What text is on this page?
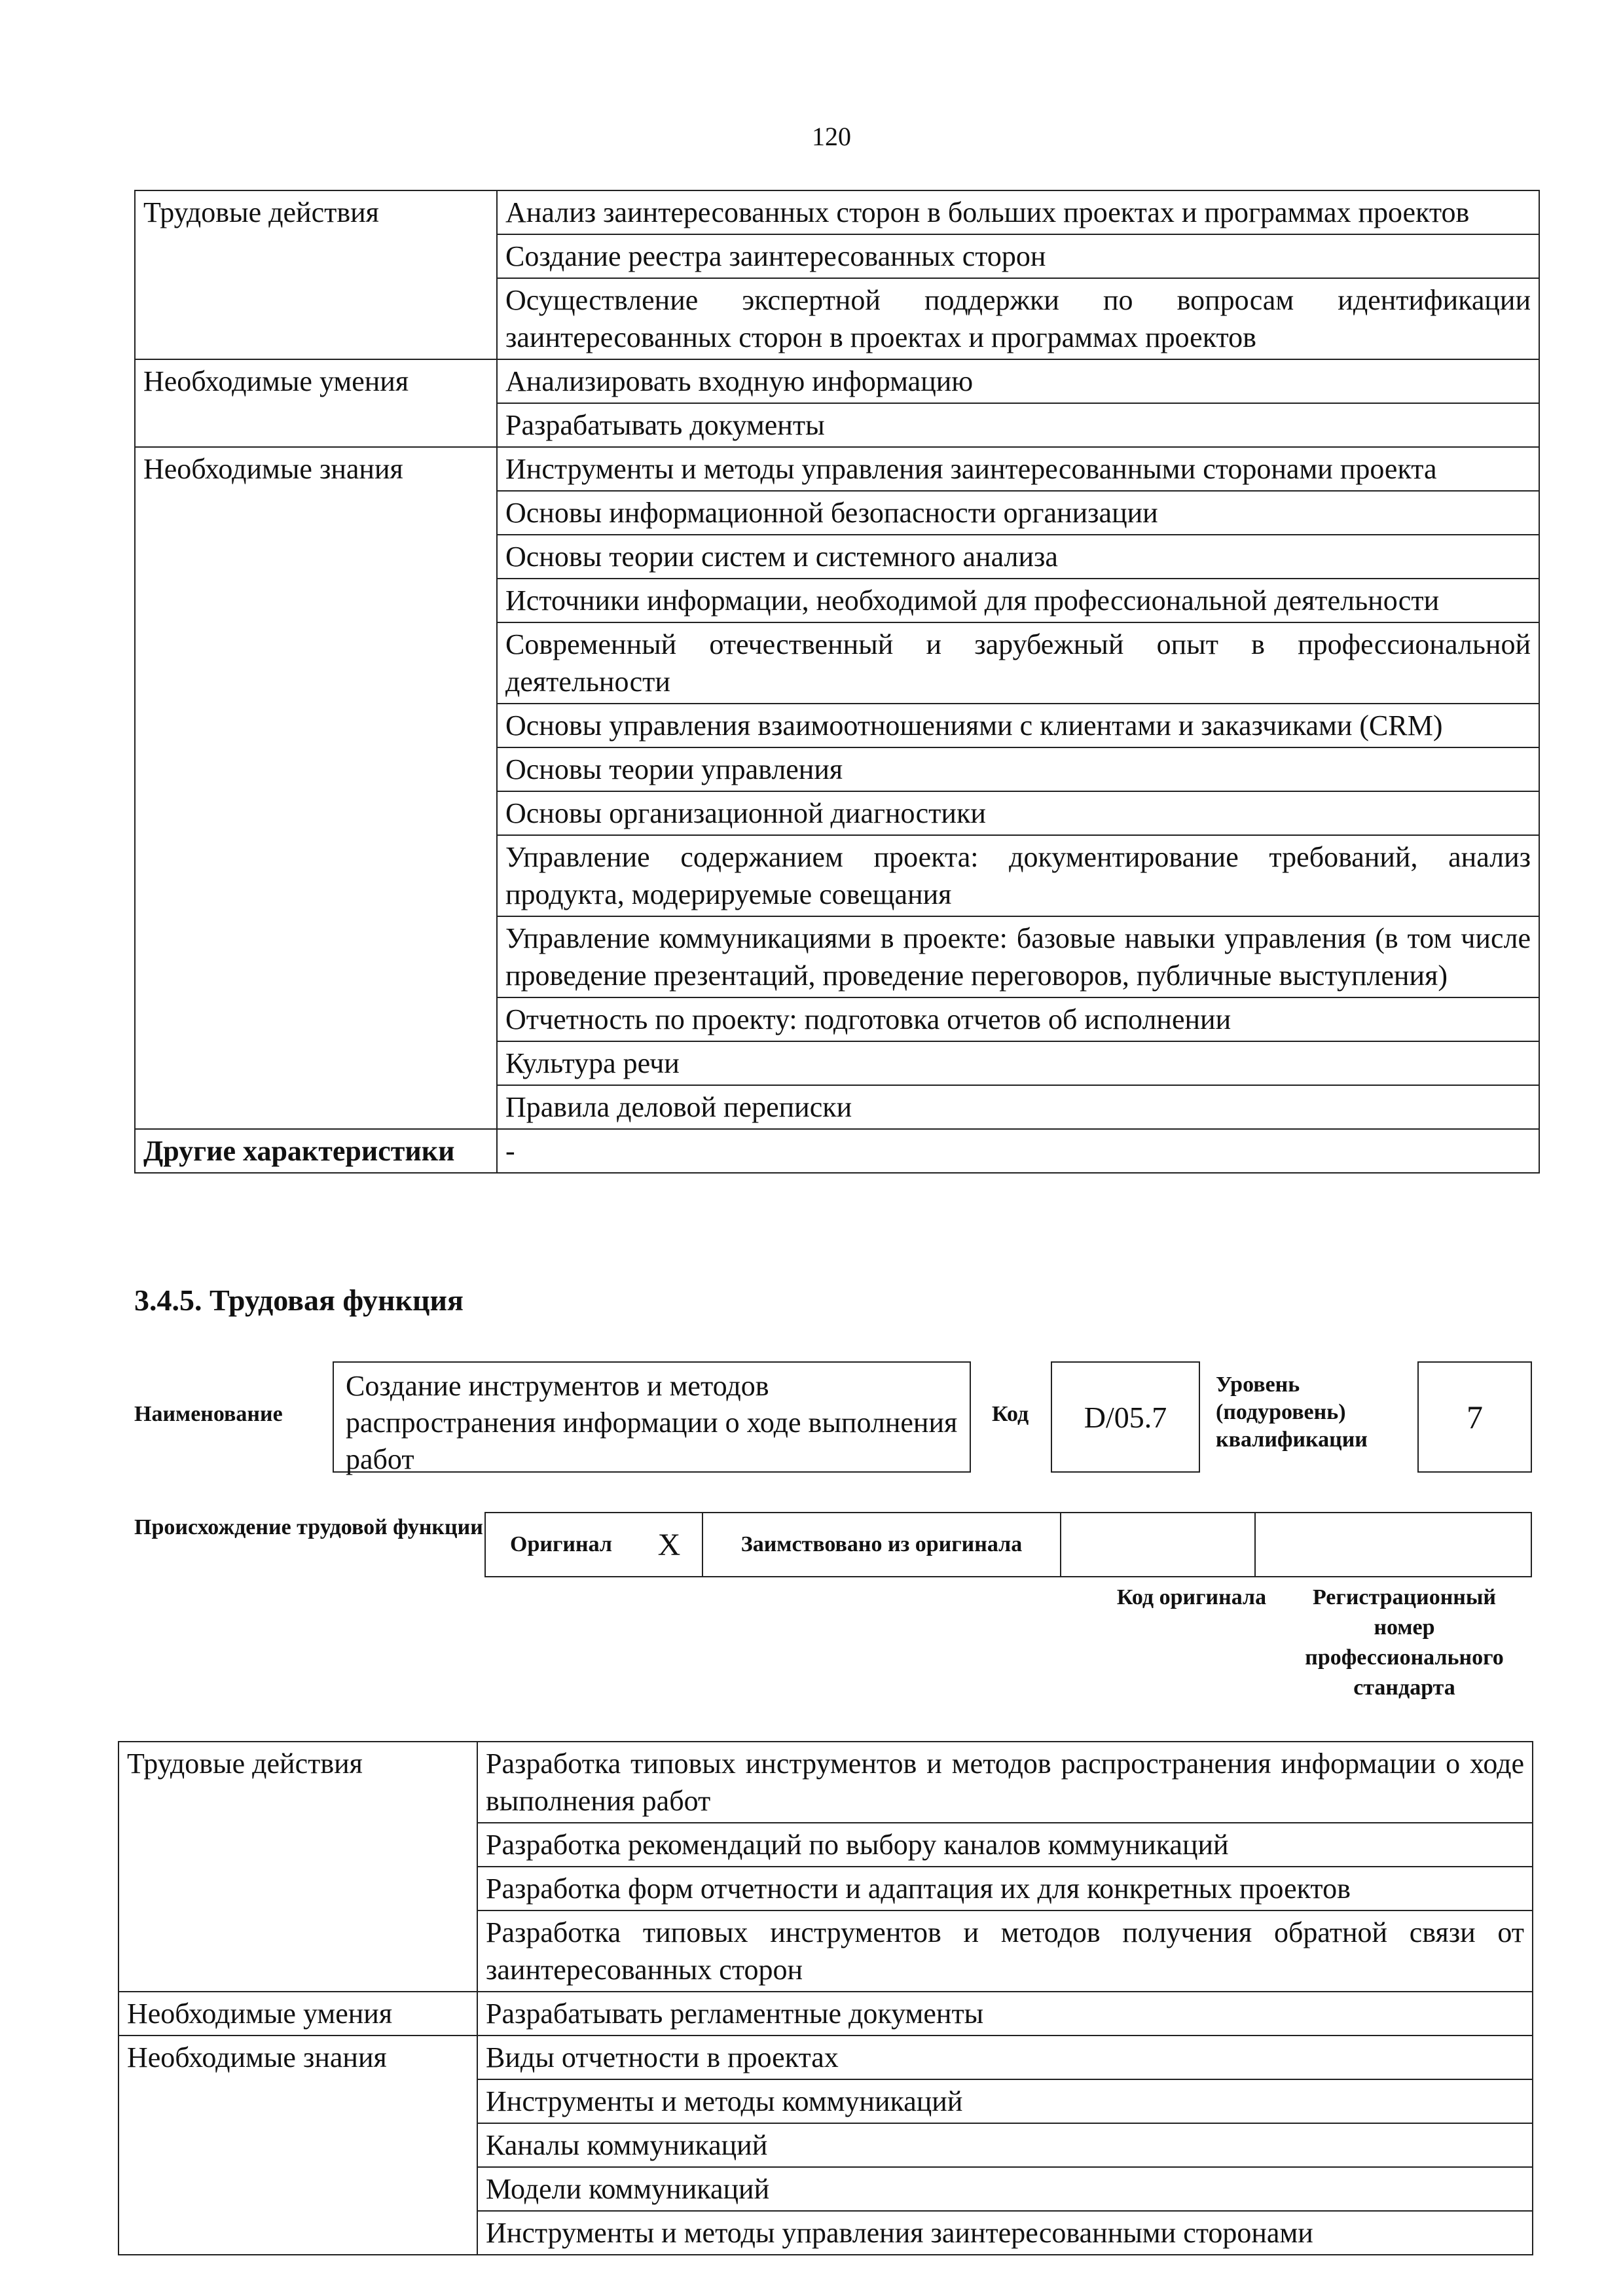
120
Трудовые действия	Анализ заинтересованных сторон в больших проектах и программах проектов
	Создание реестра заинтересованных сторон
	Осуществление экспертной поддержки по вопросам идентификации заинтересованных сторон в проектах и программах проектов
Необходимые умения	Анализировать входную информацию
	Разрабатывать документы
Необходимые знания	Инструменты и методы управления заинтересованными сторонами проекта
	Основы информационной безопасности организации
	Основы теории систем и системного анализа
	Источники информации, необходимой для профессиональной деятельности
	Современный отечественный и зарубежный опыт в профессиональной деятельности
	Основы управления взаимоотношениями с клиентами и заказчиками (CRM)
	Основы теории управления
	Основы организационной диагностики
	Управление содержанием проекта: документирование требований, анализ продукта, модерируемые совещания
	Управление коммуникациями в проекте: базовые навыки управления (в том числе проведение презентаций, проведение переговоров, публичные выступления)
	Отчетность по проекту: подготовка отчетов об исполнении
	Культура речи
	Правила деловой переписки
Другие характеристики	-
3.4.5. Трудовая функция
Наименование
Создание инструментов и методов распространения информации о ходе выполнения работ
Код D/05.7
Уровень (подуровень) квалификации
7
Происхождение трудовой функции
Оригинал	X	Заимствовано из оригинала
Код оригинала	Регистрационный номер профессионального стандарта
Трудовые действия	Разработка типовых инструментов и методов распространения информации о ходе выполнения работ
	Разработка рекомендаций по выбору каналов коммуникаций
	Разработка форм отчетности и адаптация их для конкретных проектов
	Разработка типовых инструментов и методов получения обратной связи от заинтересованных сторон
Необходимые умения	Разрабатывать регламентные документы
Необходимые знания	Виды отчетности в проектах
	Инструменты и методы коммуникаций
	Каналы коммуникаций
	Модели коммуникаций
	Инструменты и методы управления заинтересованными сторонами
